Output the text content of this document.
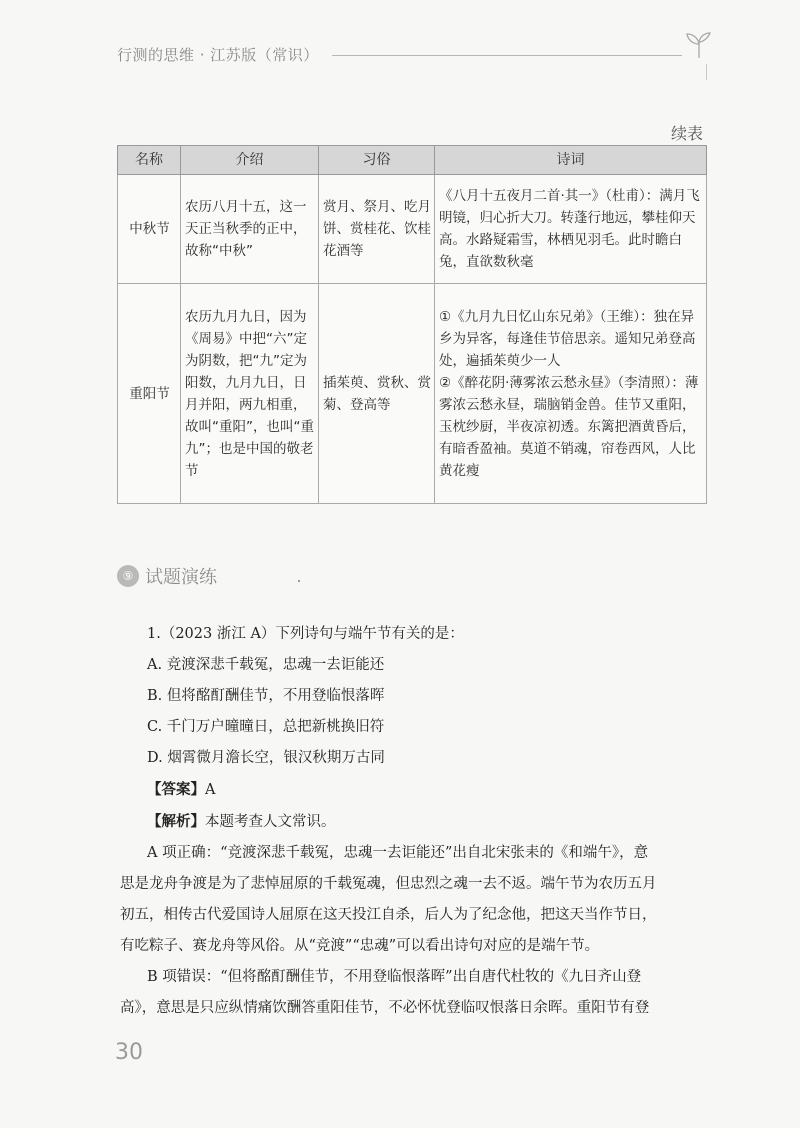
行测的思维 · 江苏版（常识）
续表
名称	介绍	习俗	诗词
中秋节	农历八月十五，这一天正当秋季的正中，故称“中秋”	赏月、祭月、吃月饼、赏桂花、饮桂花酒等	《八月十五夜月二首·其一》（杜甫）：满月飞明镜，归心折大刀。转蓬行地远，攀桂仰天高。水路疑霜雪，林栖见羽毛。此时瞻白兔，直欲数秋毫
重阳节	农历九月九日，因为《周易》中把“六”定为阴数，把“九”定为阳数，九月九日，日月并阳，两九相重，故叫“重阳”，也叫“重九”；也是中国的敬老节	插茱萸、赏秋、赏菊、登高等	①《九月九日忆山东兄弟》（王维）：独在异乡为异客，每逢佳节倍思亲。遥知兄弟登高处，遍插茱萸少一人
②《醉花阴·薄雾浓云愁永昼》（李清照）：薄雾浓云愁永昼，瑞脑销金兽。佳节又重阳，玉枕纱厨，半夜凉初透。东篱把酒黄昏后，有暗香盈袖。莫道不销魂，帘卷西风，人比黄花瘦
⑨ 试题演练
1.（2023 浙江 A）下列诗句与端午节有关的是：
A. 竞渡深悲千载冤，忠魂一去讵能还
B. 但将酩酊酬佳节，不用登临恨落晖
C. 千门万户曈曈日，总把新桃换旧符
D. 烟霄微月澹长空，银汉秋期万古同
【答案】A
【解析】本题考查人文常识。
A 项正确：“竞渡深悲千载冤，忠魂一去讵能还”出自北宋张耒的《和端午》，意
思是龙舟争渡是为了悲悼屈原的千载冤魂，但忠烈之魂一去不返。端午节为农历五月
初五，相传古代爱国诗人屈原在这天投江自杀，后人为了纪念他，把这天当作节日，
有吃粽子、赛龙舟等风俗。从“竞渡”“忠魂”可以看出诗句对应的是端午节。
B 项错误：“但将酩酊酬佳节，不用登临恨落晖”出自唐代杜牧的《九日齐山登
高》，意思是只应纵情痛饮酬答重阳佳节，不必怀忧登临叹恨落日余晖。重阳节有登
30
